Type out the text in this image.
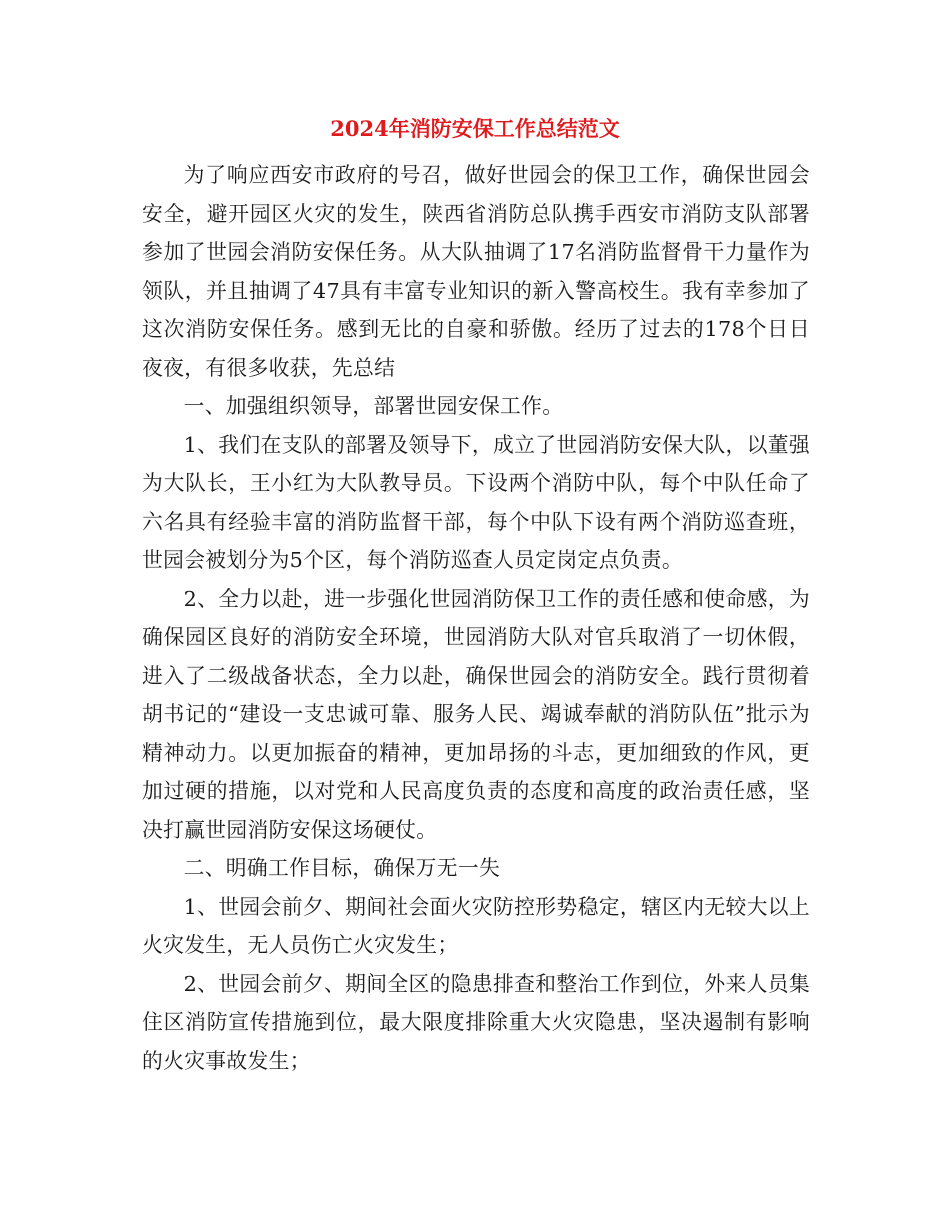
2024年消防安保工作总结范文

为了响应西安市政府的号召，做好世园会的保卫工作，确保世园会安全，避开园区火灾的发生，陕西省消防总队携手西安市消防支队部署参加了世园会消防安保任务。从大队抽调了17名消防监督骨干力量作为领队，并且抽调了47具有丰富专业知识的新入警高校生。我有幸参加了这次消防安保任务。感到无比的自豪和骄傲。经历了过去的178个日日夜夜，有很多收获，先总结

一、加强组织领导，部署世园安保工作。

1、我们在支队的部署及领导下，成立了世园消防安保大队，以董强为大队长，王小红为大队教导员。下设两个消防中队，每个中队任命了六名具有经验丰富的消防监督干部，每个中队下设有两个消防巡查班，世园会被划分为5个区，每个消防巡查人员定岗定点负责。

2、全力以赴，进一步强化世园消防保卫工作的责任感和使命感，为确保园区良好的消防安全环境，世园消防大队对官兵取消了一切休假，进入了二级战备状态，全力以赴，确保世园会的消防安全。践行贯彻着胡书记的“建设一支忠诚可靠、服务人民、竭诚奉献的消防队伍”批示为精神动力。以更加振奋的精神，更加昂扬的斗志，更加细致的作风，更加过硬的措施，以对党和人民高度负责的态度和高度的政治责任感，坚决打赢世园消防安保这场硬仗。

二、明确工作目标，确保万无一失

1、世园会前夕、期间社会面火灾防控形势稳定，辖区内无较大以上火灾发生，无人员伤亡火灾发生；

2、世园会前夕、期间全区的隐患排查和整治工作到位，外来人员集住区消防宣传措施到位，最大限度排除重大火灾隐患，坚决遏制有影响的火灾事故发生；
